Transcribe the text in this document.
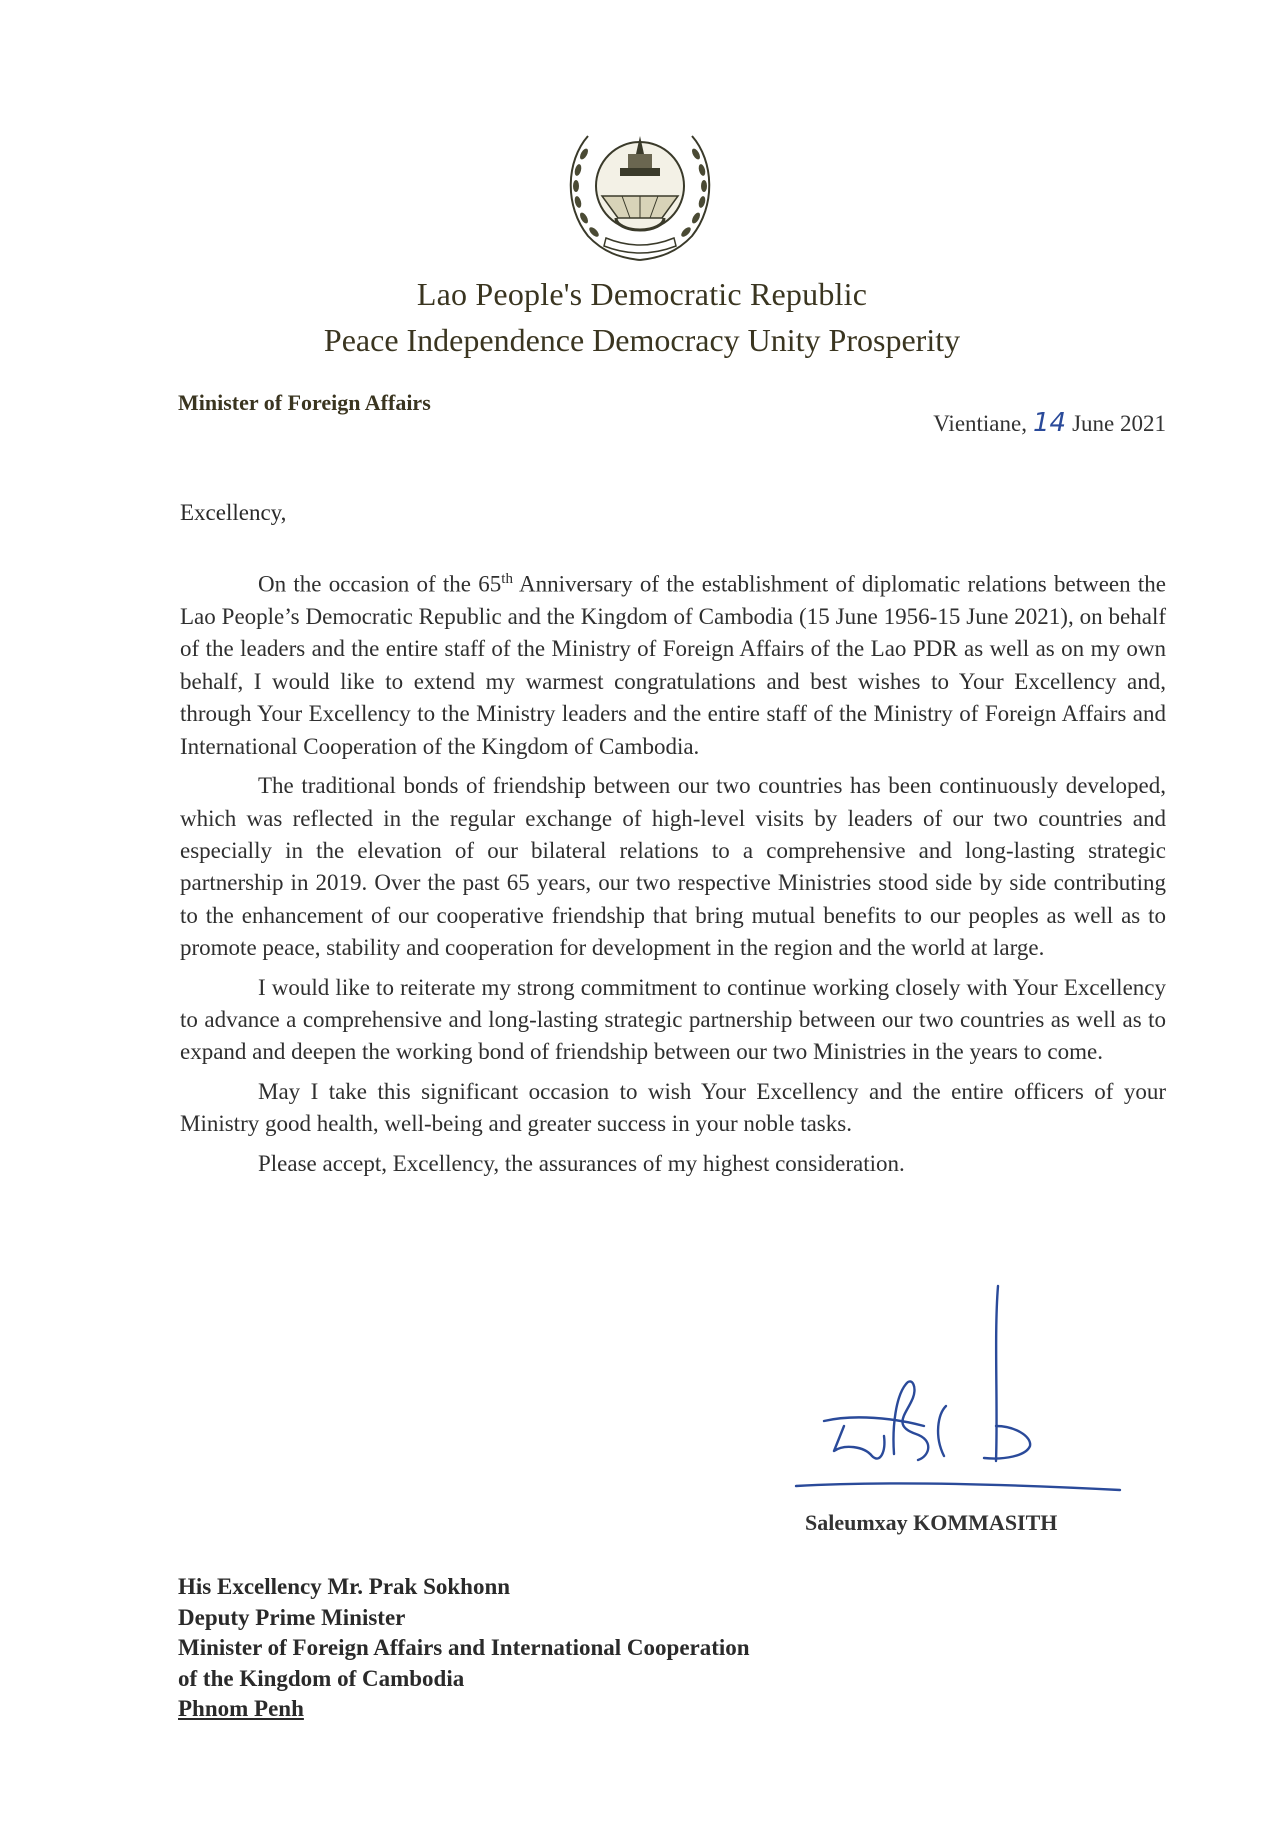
Lao People's Democratic Republic
Peace Independence Democracy Unity Prosperity
Minister of Foreign Affairs
Vientiane, 14 June 2021
Excellency,

On the occasion of the 65th Anniversary of the establishment of diplomatic relations between the Lao People’s Democratic Republic and the Kingdom of Cambodia (15 June 1956-15 June 2021), on behalf of the leaders and the entire staff of the Ministry of Foreign Affairs of the Lao PDR as well as on my own behalf, I would like to extend my warmest congratulations and best wishes to Your Excellency and, through Your Excellency to the Ministry leaders and the entire staff of the Ministry of Foreign Affairs and International Cooperation of the Kingdom of Cambodia.

The traditional bonds of friendship between our two countries has been continuously developed, which was reflected in the regular exchange of high-level visits by leaders of our two countries and especially in the elevation of our bilateral relations to a comprehensive and long-lasting strategic partnership in 2019. Over the past 65 years, our two respective Ministries stood side by side contributing to the enhancement of our cooperative friendship that bring mutual benefits to our peoples as well as to promote peace, stability and cooperation for development in the region and the world at large.

I would like to reiterate my strong commitment to continue working closely with Your Excellency to advance a comprehensive and long-lasting strategic partnership between our two countries as well as to expand and deepen the working bond of friendship between our two Ministries in the years to come.

May I take this significant occasion to wish Your Excellency and the entire officers of your Ministry good health, well-being and greater success in your noble tasks.

Please accept, Excellency, the assurances of my highest consideration.

Saleumxay KOMMASITH
His Excellency Mr. Prak Sokhonn
Deputy Prime Minister
Minister of Foreign Affairs and International Cooperation
of the Kingdom of Cambodia
Phnom Penh
